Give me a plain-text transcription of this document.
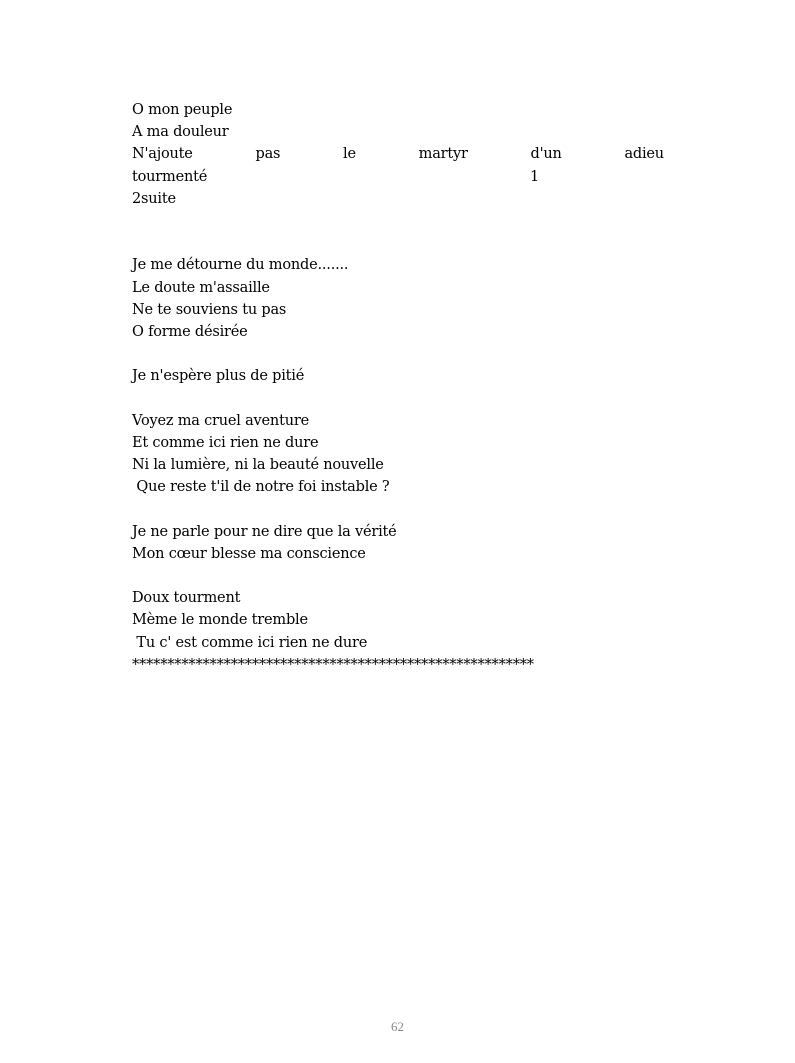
O mon peuple
A ma douleur
N'ajoute	pas	le	martyr	d'un	adieu
tourmenté	1
2suite
Je me détourne du monde.......
Le doute m'assaille
Ne te souviens tu pas
O forme désirée
Je n'espère plus de pitié
Voyez ma cruel aventure
Et comme ici rien ne dure
Ni la lumière, ni la beauté nouvelle
Que reste t'il de notre foi instable ?
Je ne parle pour ne dire que la vérité
Mon cœur blesse ma conscience
Doux tourment
Mème le monde tremble
Tu c' est comme ici rien ne dure
*********************************************************
62
